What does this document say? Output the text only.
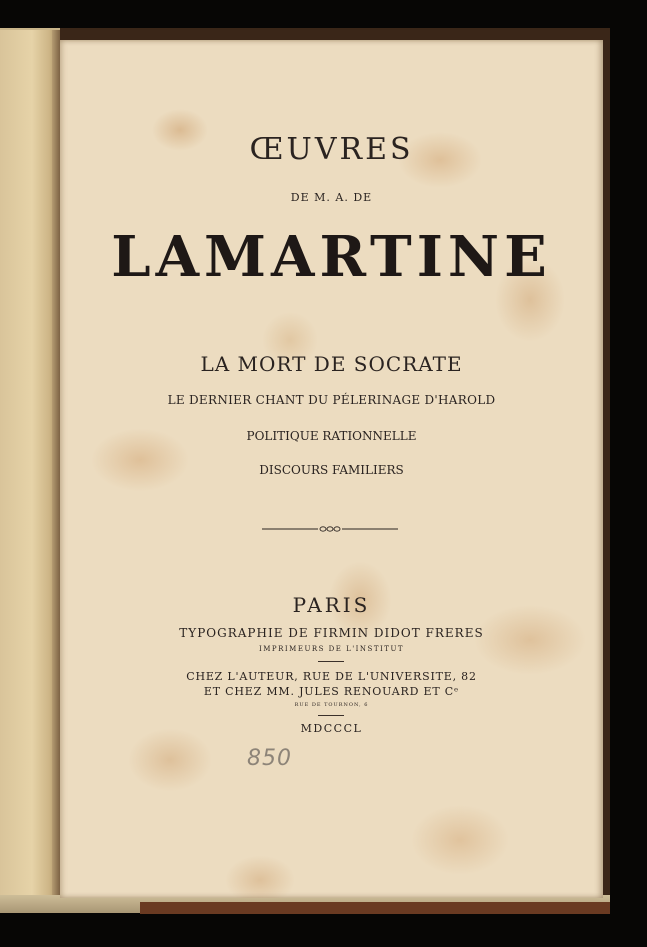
ŒUVRES
DE M. A. DE
LAMARTINE
LA MORT DE SOCRATE
LE DERNIER CHANT DU PÉLERINAGE D'HAROLD
POLITIQUE RATIONNELLE
DISCOURS FAMILIERS
PARIS
TYPOGRAPHIE DE FIRMIN DIDOT FRERES
IMPRIMEURS DE L'INSTITUT
CHEZ L'AUTEUR, RUE DE L'UNIVERSITE, 82
ET CHEZ MM. JULES RENOUARD ET Cᵉ
RUE DE TOURNON, 6
MDCCCL
850
